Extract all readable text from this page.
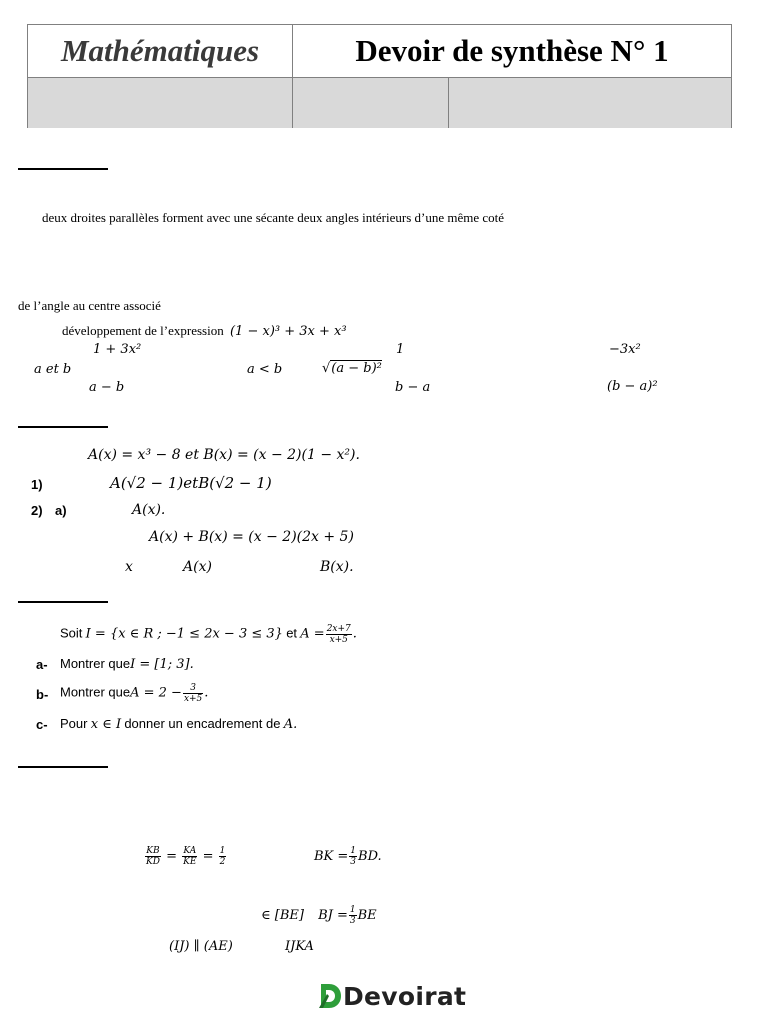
Mathématiques	Devoir de synthèse N° 1
deux droites parallèles forment avec une sécante deux angles intérieurs d’une même coté
de l’angle au centre associé
développement de l’expression (1 − x)³ + 3x + x³
1 + 3x²	1	−3x²
a et b	a < b	√(a − b)²
a − b	b − a	(b − a)²
A(x) = x³ − 8 et B(x) = (x − 2)(1 − x²).
1)	A(√2 − 1)etB(√2 − 1)
2) a)	A(x).
A(x) + B(x) = (x − 2)(2x + 5)
x	A(x)	B(x).
Soit I = {x ∈ R ; −1 ≤ 2x − 3 ≤ 3} et $A = \frac{2x+7}{x+5}$ .
a- Montrer queI = [1; 3].
b- Montrer queA = $2 - \frac{3}{x+5}$ .
c- Pour x ∈ I donner un encadrement de A.
$\frac{KB}{KD} = \frac{KA}{KE} = \frac{1}{2}$	BK = $\frac{1}{3}$ BD.
∈ [BE] BJ = $\frac{1}{3}$ BE
(IJ) ∥ (AE)	IJKA
Devoirat
